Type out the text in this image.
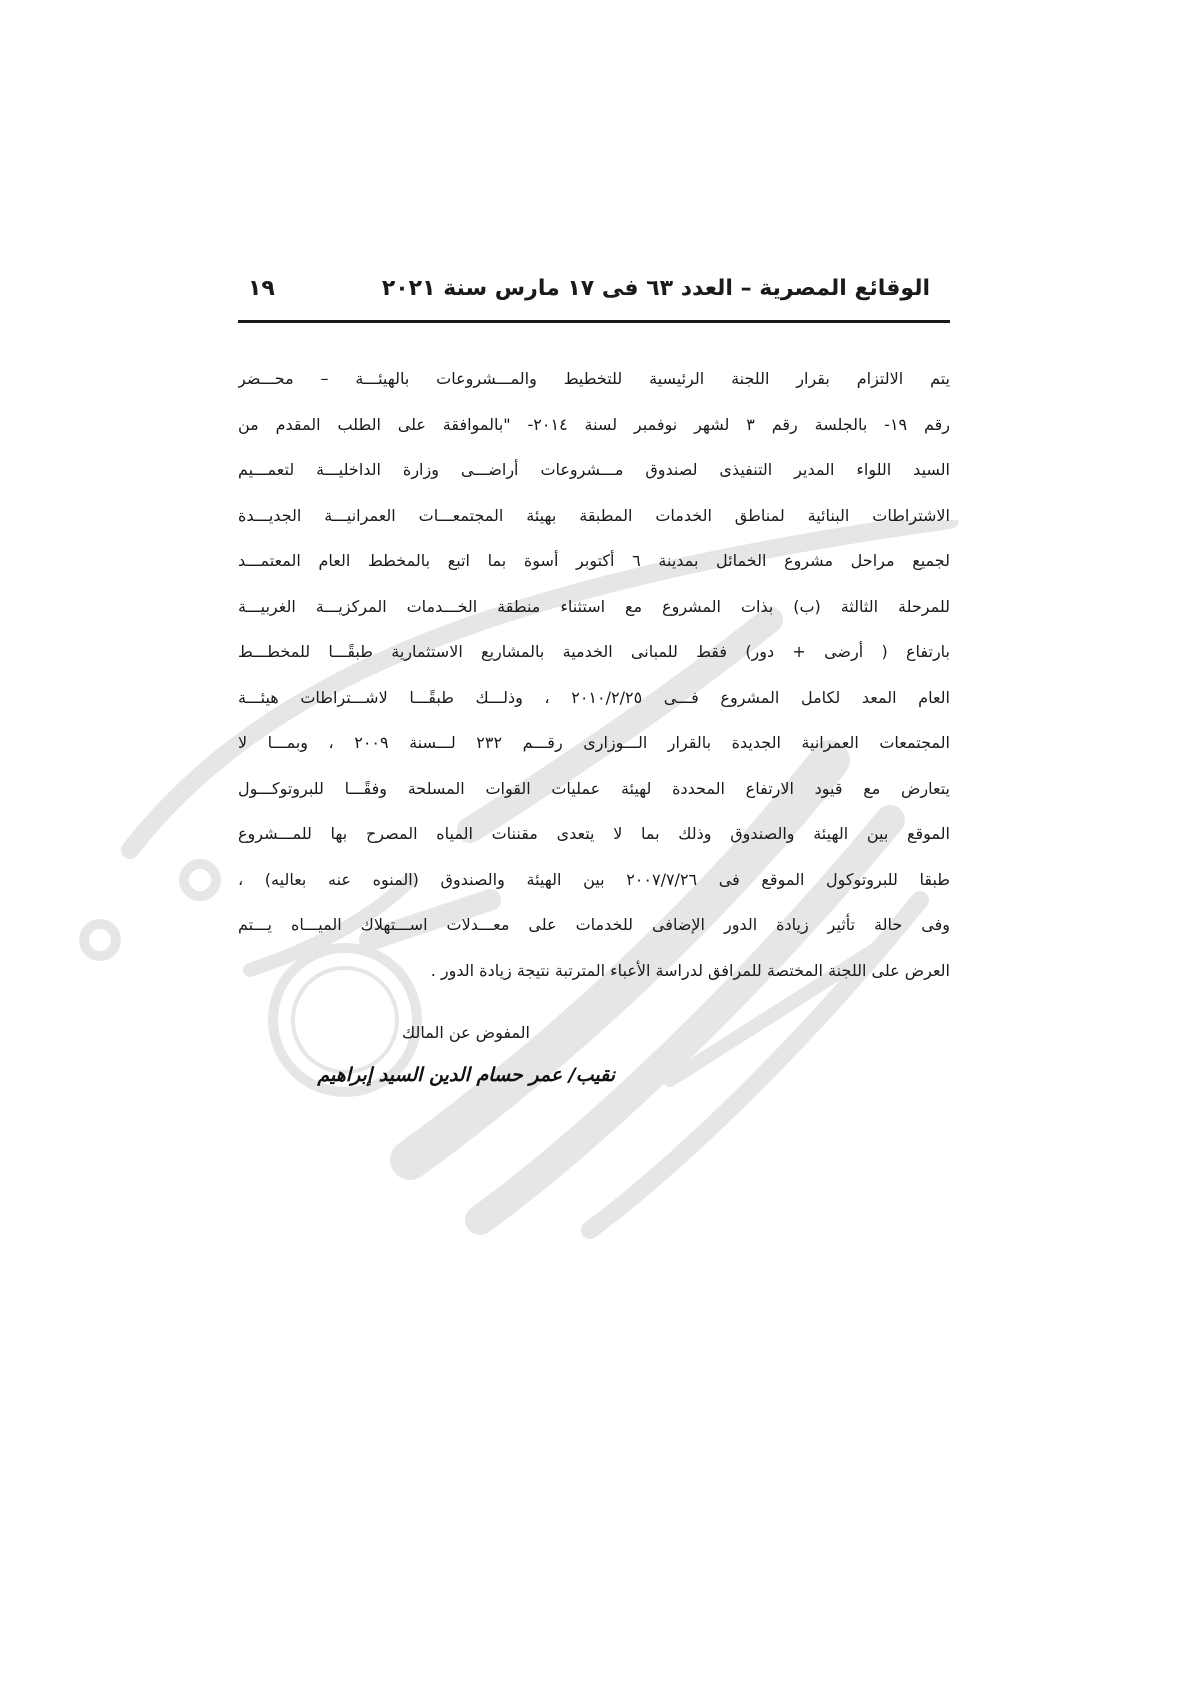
الوقائع المصرية – العدد ٦٣ فى ١٧ مارس سنة ٢٠٢١
١٩
يتم الالتزام بقرار اللجنة الرئيسية للتخطيط والمـــشروعات بالهيئـــة – محـــضر
رقم ١٩- بالجلسة رقم ٣ لشهر نوفمبر لسنة ٢٠١٤- "بالموافقة على الطلب المقدم من
السيد اللواء المدير التنفيذى لصندوق مـــشروعات أراضـــى وزارة الداخليـــة لتعمـــيم
الاشتراطات البنائية لمناطق الخدمات المطبقة بهيئة المجتمعـــات العمرانيـــة الجديـــدة
لجميع مراحل مشروع الخمائل بمدينة ٦ أكتوبر أسوة بما اتبع بالمخطط العام المعتمـــد
للمرحلة الثالثة (ب) بذات المشروع مع استثناء منطقة الخـــدمات المركزيـــة الغربيـــة
بارتفاع ( أرضى + دور) فقط للمبانى الخدمية بالمشاريع الاستثمارية طبقًـــا للمخطـــط
العام المعد لكامل المشروع فـــى ٢٠١٠/٢/٢٥ ، وذلـــك طبقًـــا لاشـــتراطات هيئـــة
المجتمعات العمرانية الجديدة بالقرار الـــوزارى رقـــم ٢٣٢ لـــسنة ٢٠٠٩ ، وبمـــا لا
يتعارض مع قيود الارتفاع المحددة لهيئة عمليات القوات المسلحة وفقًـــا للبروتوكـــول
الموقع بين الهيئة والصندوق وذلك بما لا يتعدى مقننات المياه المصرح بها للمـــشروع
طبقا للبروتوكول الموقع فى ٢٠٠٧/٧/٢٦ بين الهيئة والصندوق (المنوه عنه بعاليه) ،
وفى حالة تأثير زيادة الدور الإضافى للخدمات على معـــدلات اســـتهلاك الميـــاه يـــتم
العرض على اللجنة المختصة للمرافق لدراسة الأعباء المترتبة نتيجة زيادة الدور .
المفوض عن المالك
نقيب/ عمر حسام الدين السيد إبراهيم
